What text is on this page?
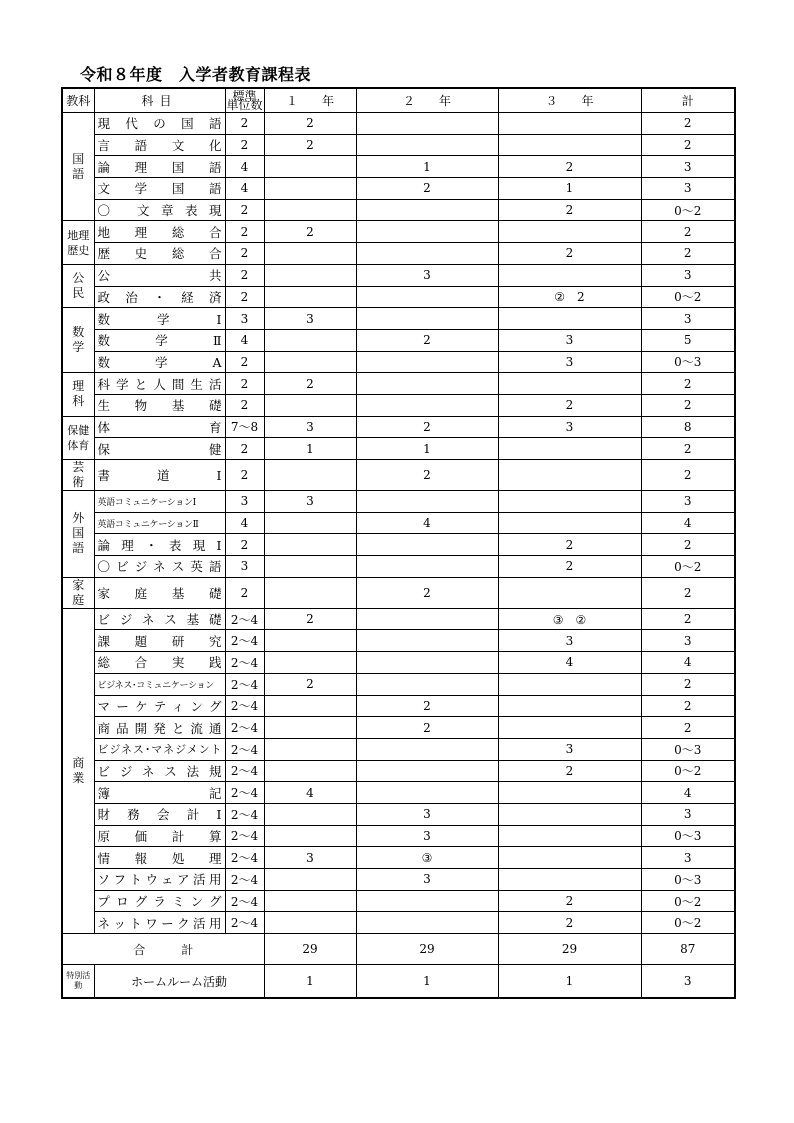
令和８年度　入学者教育課程表
教科	科目	標準 単位数	１　　年	２　　年	３　　年	計
国語	現代の国語	2	2			2
	言語文化	2	2			2
	論理国語	4		1	2	3
	文学国語	4		2	1	3
	〇 文章表現	2			2	0〜2
地理歴史	地理総合	2	2			2
	歴史総合	2			2	2
公民	公共	2		3		3
	政治・経済	2			②　2	0〜2
数学	数学Ⅰ	3	3			3
	数学Ⅱ	4		2	3	5
	数学A	2			3	0〜3
理科	科学と人間生活	2	2			2
	生物基礎	2			2	2
保健体育	体育	7〜8	3	2	3	8
	保健	2	1	1		2
芸術	書道Ⅰ	2		2		2
外国語	英語コミュニケーションⅠ	3	3			3
	英語コミュニケーションⅡ	4		4		4
	論理・表現Ⅰ	2			2	2
	〇ビジネス英語	3			2	0〜2
家庭	家庭基礎	2		2		2
商業	ビジネス基礎	2〜4	2		③　②	2
	課題研究	2〜4			3	3
	総合実践	2〜4			4	4
	ビジネス･コミュニケーション	2〜4	2			2
	マーケティング	2〜4		2		2
	商品開発と流通	2〜4		2		2
	ビジネス･マネジメント	2〜4			3	0〜3
	ビジネス法規	2〜4			2	0〜2
	簿記	2〜4	4			4
	財務会計Ⅰ	2〜4		3		3
	原価計算	2〜4		3		0〜3
	情報処理	2〜4	3	③		3
	ソフトウェア活用	2〜4		3		0〜3
	プログラミング	2〜4			2	0〜2
	ネットワーク活用	2〜4			2	0〜2
合　　　計			29	29	29	87
特別活動	ホームルーム活動		1	1	1	3
